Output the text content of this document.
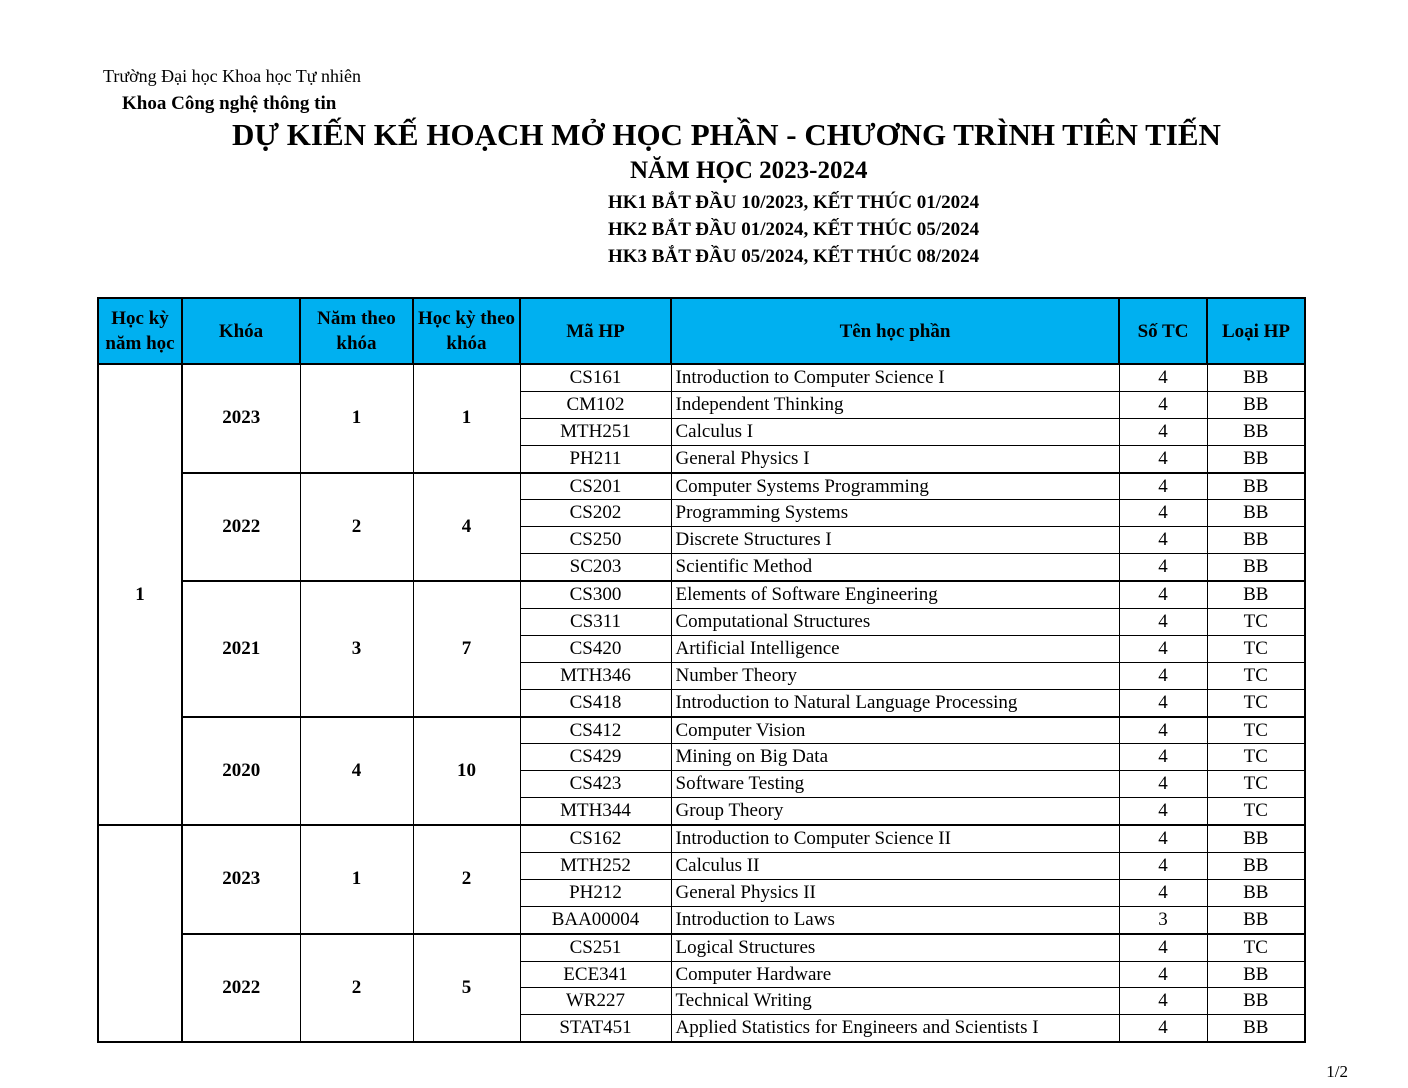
Trường Đại học Khoa học Tự nhiên
Khoa Công nghệ thông tin
DỰ KIẾN KẾ HOẠCH MỞ HỌC PHẦN - CHƯƠNG TRÌNH TIÊN TIẾN
NĂM HỌC 2023-2024
HK1 BẮT ĐẦU 10/2023, KẾT THÚC 01/2024
HK2 BẮT ĐẦU 01/2024, KẾT THÚC 05/2024
HK3 BẮT ĐẦU 05/2024, KẾT THÚC 08/2024
Học kỳ năm học	Khóa	Năm theo khóa	Học kỳ theo khóa	Mã HP	Tên học phần	Số TC	Loại HP
1	2023	1	1	CS161	Introduction to Computer Science I	4	BB
				CM102	Independent Thinking	4	BB
				MTH251	Calculus I	4	BB
				PH211	General Physics I	4	BB
	2022	2	4	CS201	Computer Systems Programming	4	BB
				CS202	Programming Systems	4	BB
				CS250	Discrete Structures I	4	BB
				SC203	Scientific Method	4	BB
	2021	3	7	CS300	Elements of Software Engineering	4	BB
				CS311	Computational Structures	4	TC
				CS420	Artificial Intelligence	4	TC
				MTH346	Number Theory	4	TC
				CS418	Introduction to Natural Language Processing	4	TC
	2020	4	10	CS412	Computer Vision	4	TC
				CS429	Mining on Big Data	4	TC
				CS423	Software Testing	4	TC
				MTH344	Group Theory	4	TC
	2023	1	2	CS162	Introduction to Computer Science II	4	BB
				MTH252	Calculus II	4	BB
				PH212	General Physics II	4	BB
				BAA00004	Introduction to Laws	3	BB
	2022	2	5	CS251	Logical Structures	4	TC
				ECE341	Computer Hardware	4	BB
				WR227	Technical Writing	4	BB
				STAT451	Applied Statistics for Engineers and Scientists I	4	BB
1/2
